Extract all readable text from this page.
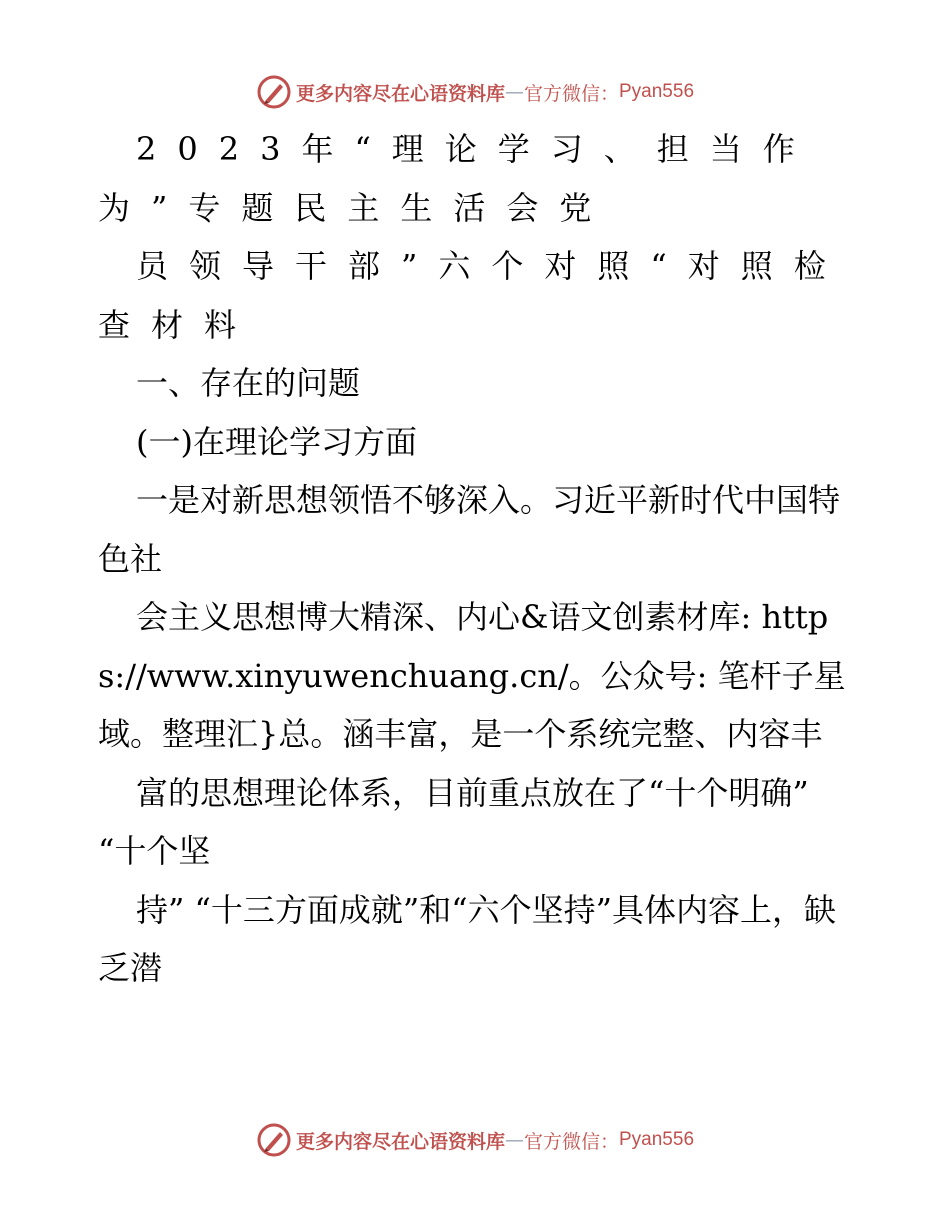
更多内容尽在心语资料库 — 官方微信： Pyan556

2023年“理论学习、担当作为”专题民主生活会党

员领导干部”六个对照“对照检查材料

一、存在的问题

(一)在理论学习方面

一是对新思想领悟不够深入。习近平新时代中国特色社

会主义思想博大精深、内心&语文创素材库: https://www.xinyuwenchuang.cn/。公众号: 笔杆子星域。整理汇}总。涵丰富，是一个系统完整、内容丰

富的思想理论体系，目前重点放在了“十个明确” “十个坚

持” “十三方面成就”和“六个坚持”具体内容上，缺乏潜

更多内容尽在心语资料库 — 官方微信： Pyan556
